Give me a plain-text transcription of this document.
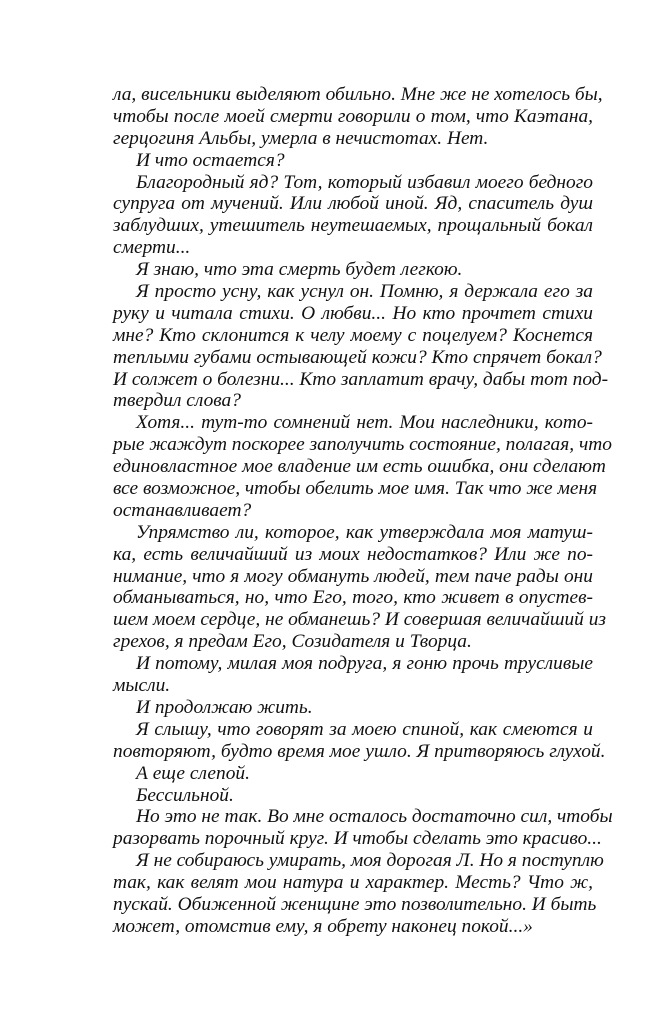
ла, висельники выделяют обильно. Мне же не хотелось бы,
чтобы после моей смерти говорили о том, что Каэтана,
герцогиня Альбы, умерла в нечистотах. Нет.
И что остается?
Благородный яд? Тот, который избавил моего бедного
супруга от мучений. Или любой иной. Яд, спаситель душ
заблудших, утешитель неутешаемых, прощальный бокал
смерти...
Я знаю, что эта смерть будет легкою.
Я просто усну, как уснул он. Помню, я держала его за
руку и читала стихи. О любви... Но кто прочтет стихи
мне? Кто склонится к челу моему с поцелуем? Коснется
теплыми губами остывающей кожи? Кто спрячет бокал?
И солжет о болезни... Кто заплатит врачу, дабы тот под-
твердил слова?
Хотя... тут-то сомнений нет. Мои наследники, кото-
рые жаждут поскорее заполучить состояние, полагая, что
единовластное мое владение им есть ошибка, они сделают
все возможное, чтобы обелить мое имя. Так что же меня
останавливает?
Упрямство ли, которое, как утверждала моя матуш-
ка, есть величайший из моих недостатков? Или же по-
нимание, что я могу обмануть людей, тем паче рады они
обманываться, но, что Его, того, кто живет в опустев-
шем моем сердце, не обманешь? И совершая величайший из
грехов, я предам Его, Созидателя и Творца.
И потому, милая моя подруга, я гоню прочь трусливые
мысли.
И продолжаю жить.
Я слышу, что говорят за моею спиной, как смеются и
повторяют, будто время мое ушло. Я притворяюсь глухой.
А еще слепой.
Бессильной.
Но это не так. Во мне осталось достаточно сил, чтобы
разорвать порочный круг. И чтобы сделать это красиво...
Я не собираюсь умирать, моя дорогая Л. Но я поступлю
так, как велят мои натура и характер. Месть? Что ж,
пускай. Обиженной женщине это позволительно. И быть
может, отомстив ему, я обрету наконец покой...»
